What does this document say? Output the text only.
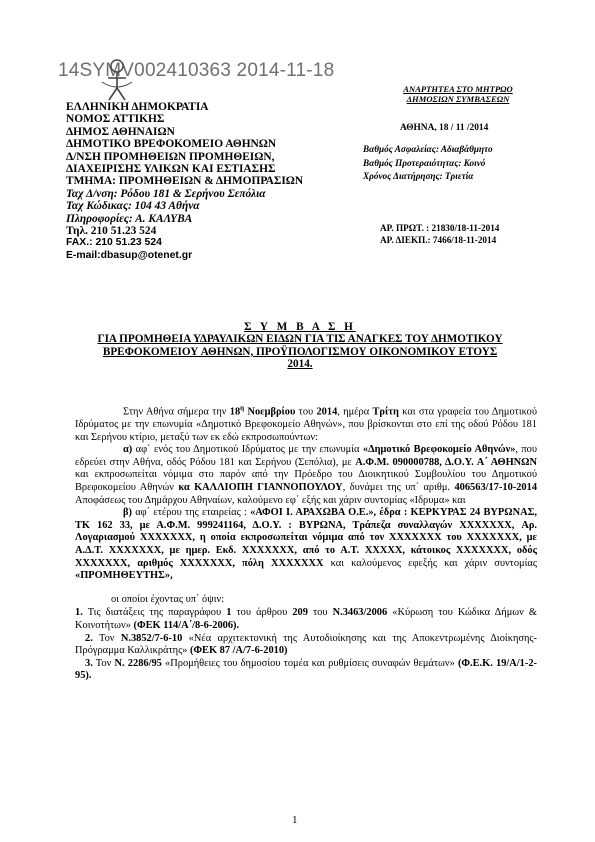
14SYMV002410363 2014-11-18
ΕΛΛΗΝΙΚΗ ΔΗΜΟΚΡΑΤΙΑ
ΝΟΜΟΣ ΑΤΤΙΚΗΣ
ΔΗΜΟΣ ΑΘΗΝΑΙΩΝ
ΔΗΜΟΤΙΚΟ ΒΡΕΦΟΚΟΜΕΙΟ ΑΘΗΝΩΝ
Δ/ΝΣΗ ΠΡΟΜΗΘΕΙΩΝ ΠΡΟΜΗΘΕΙΩΝ,
ΔΙΑΧΕΙΡΙΣΗΣ ΥΛΙΚΩΝ ΚΑΙ ΕΣΤΙΑΣΗΣ
ΤΜΗΜΑ: ΠΡΟΜΗΘΕΙΩΝ & ΔΗΜΟΠΡΑΣΙΩΝ
Ταχ Δ/νση: Ρόδου 181 & Σερήνου Σεπόλια
Ταχ Κώδικας: 104 43 Αθήνα
Πληροφορίες: Α. ΚΑΛΥΒΑ
Τηλ. 210 51.23 524
FAX.: 210 51.23 524
E-mail:dbasup@otenet.gr
ΑΝΑΡΤΗΤΕΑ ΣΤΟ ΜΗΤΡΩΟ ΔΗΜΟΣΙΩΝ ΣΥΜΒΑΣΕΩΝ
ΑΘΗΝΑ, 18 / 11 /2014
Βαθμός Ασφαλείας: Αδιαβάθμητο
Βαθμός Προτεραιότητας: Κοινό
Χρόνος Διατήρησης: Τριετία
ΑΡ. ΠΡΩΤ. : 21830/18-11-2014
ΑΡ. ΔΙΕΚΠ.: 7466/18-11-2014
Σ Υ Μ Β Α Σ Η
ΓΙΑ ΠΡΟΜΗΘΕΙΑ ΥΔΡΑΥΛΙΚΩΝ ΕΙΔΩΝ ΓΙΑ ΤΙΣ ΑΝΑΓΚΕΣ ΤΟΥ ΔΗΜΟΤΙΚΟΥ
ΒΡΕΦΟΚΟΜΕΙΟΥ ΑΘΗΝΩΝ, ΠΡΟΫΠΟΛΟΓΙΣΜΟΥ ΟΙΚΟΝΟΜΙΚΟΥ ΕΤΟΥΣ
2014.

Στην Αθήνα σήμερα την $18^\eta$ Νοεμβρίου του 2014, ημέρα Τρίτη και στα γραφεία του Δημοτικού Ιδρύματος με την επωνυμία «Δημοτικό Βρεφοκομείο Αθηνών», που βρίσκονται στο επί της οδού Ρόδου 181 και Σερήνου κτίριο, μεταξύ των εκ εδώ εκπροσωπούντων:

α) αφ΄ ενός του Δημοτικού Ιδρύματος με την επωνυμία «Δημοτικό Βρεφοκομείο Αθηνών», που εδρεύει στην Αθήνα, οδός Ρόδου 181 και Σερήνου (Σεπόλια), με Α.Φ.Μ. 090000788, Δ.Ο.Υ. Α΄ ΑΘΗΝΩΝ και εκπροσωπείται νόμιμα στο παρόν από την Πρόεδρο του Διοικητικού Συμβουλίου του Δημοτικού Βρεφοκομείου Αθηνών κα ΚΑΛΛΙΟΠΗ ΓΙΑΝΝΟΠΟΥΛΟΥ, δυνάμει της υπ΄ αριθμ. 406563/17-10-2014 Αποφάσεως του Δημάρχου Αθηναίων, καλούμενο εφ΄ εξής και χάριν συντομίας «Ιδρυμα» και

β) αφ΄ ετέρου της εταιρείας : «ΑΦΟΙ Ι. ΑΡΑΧΩΒΑ Ο.Ε.», έδρα : ΚΕΡΚΥΡΑΣ 24 ΒΥΡΩΝΑΣ, ΤΚ 162 33, με Α.Φ.Μ. 999241164, Δ.Ο.Υ. : ΒΥΡΩΝΑ, Τράπεζα συναλλαγών XXXXXXX, Αρ. Λογαριασμού XXXXXXX, η οποία εκπροσωπείται νόμιμα από τον XXXXXXX του XXXXXXX, με Α.Δ.Τ. XXXXXXX, με ημερ. Εκδ. XXXXXXX, από το Α.Τ. XXXXX, κάτοικος XXXXXXX, οδός XXXXXXX, αριθμός XXXXXXX, πόλη XXXXXXX και καλούμενος εφεξής και χάριν συντομίας «ΠΡΟΜΗΘΕΥΤΗΣ»,

οι οποίοι έχοντας υπ΄ όψιν:

1. Τις διατάξεις της παραγράφου 1 του άρθρου 209 του Ν.3463/2006 «Κύρωση του Κώδικα Δήμων & Κοινοτήτων» (ΦΕΚ 114/Α΄/8-6-2006).

2. Τον Ν.3852/7-6-10 «Νέα αρχιτεκτονική της Αυτοδιοίκησης και της Αποκεντρωμένης Διοίκησης-Πρόγραμμα Καλλικράτης» (ΦΕΚ 87 /Α/7-6-2010)

3. Τον Ν. 2286/95 «Προμήθειες του δημοσίου τομέα και ρυθμίσεις συναφών θεμάτων» (Φ.Ε.Κ. 19/Α/1-2-95).

1
